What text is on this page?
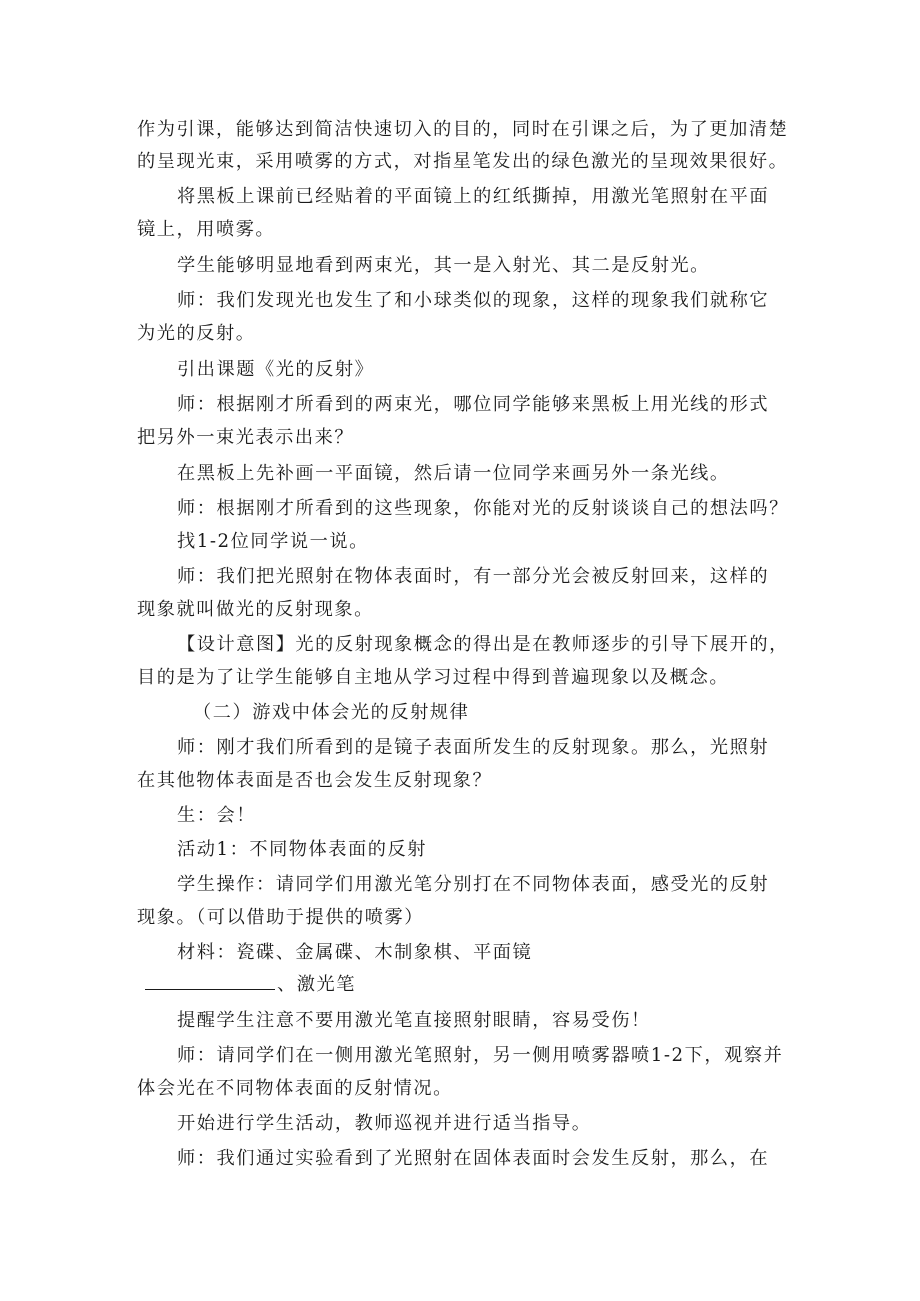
作为引课，能够达到简洁快速切入的目的，同时在引课之后，为了更加清楚
的呈现光束，采用喷雾的方式，对指星笔发出的绿色激光的呈现效果很好。
将黑板上课前已经贴着的平面镜上的红纸撕掉，用激光笔照射在平面
镜上，用喷雾。
学生能够明显地看到两束光，其一是入射光、其二是反射光。
师：我们发现光也发生了和小球类似的现象，这样的现象我们就称它
为光的反射。
引出课题《光的反射》
师：根据刚才所看到的两束光，哪位同学能够来黑板上用光线的形式
把另外一束光表示出来？
在黑板上先补画一平面镜，然后请一位同学来画另外一条光线。
师：根据刚才所看到的这些现象，你能对光的反射谈谈自己的想法吗？
找1-2位同学说一说。
师：我们把光照射在物体表面时，有一部分光会被反射回来，这样的
现象就叫做光的反射现象。
【设计意图】光的反射现象概念的得出是在教师逐步的引导下展开的，
目的是为了让学生能够自主地从学习过程中得到普遍现象以及概念。
（二）游戏中体会光的反射规律
师：刚才我们所看到的是镜子表面所发生的反射现象。那么，光照射
在其他物体表面是否也会发生反射现象？
生：会！
活动1：不同物体表面的反射
学生操作：请同学们用激光笔分别打在不同物体表面，感受光的反射
现象。（可以借助于提供的喷雾）
材料：瓷碟、金属碟、木制象棋、平面镜
、激光笔
提醒学生注意不要用激光笔直接照射眼睛，容易受伤！
师：请同学们在一侧用激光笔照射，另一侧用喷雾器喷1-2下，观察并
体会光在不同物体表面的反射情况。
开始进行学生活动，教师巡视并进行适当指导。
师：我们通过实验看到了光照射在固体表面时会发生反射，那么，在
